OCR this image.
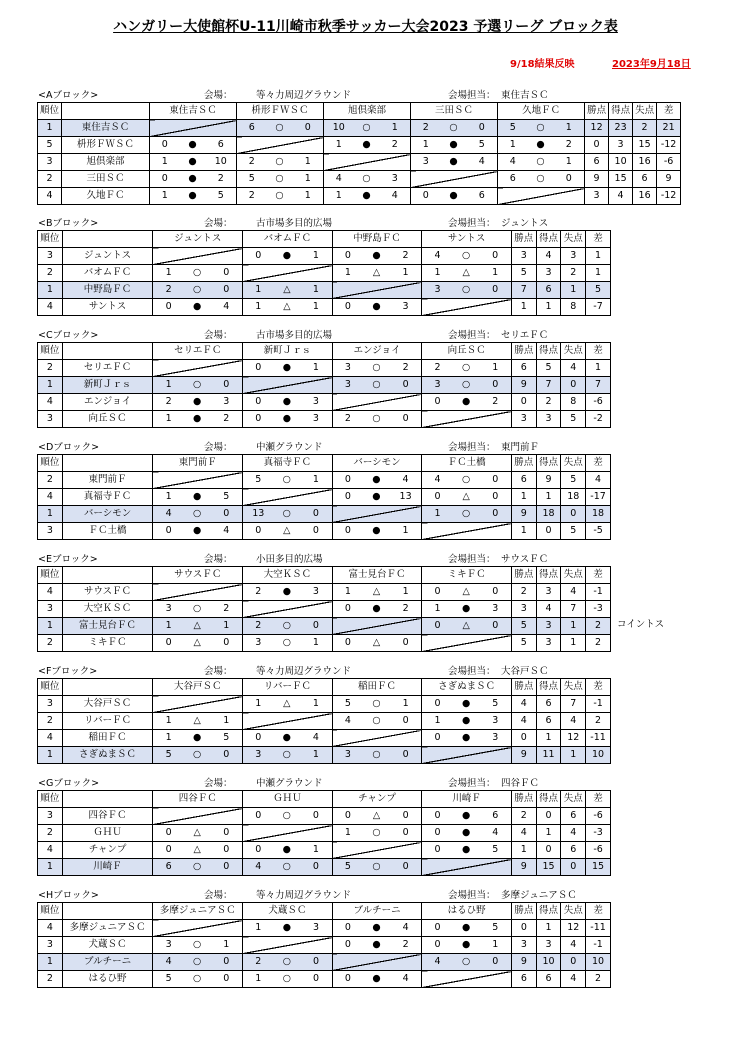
ハンガリー大使館杯U-11川崎市秋季サッカー大会2023 予選リーグ ブロック表
9/18結果反映	2023年9月18日
<Aブロック>	会場： 等々力周辺グラウンド	会場担当： 東住吉ＳＣ
順位		東住吉ＳＣ			枡形ＦＷＳＣ			旭倶楽部			三田ＳＣ			久地ＦＣ			勝点	得点	失点	差
1	東住吉ＳＣ				6	○	0	10	○	1	2	○	0	5	○	1	12	23	2	21
5	枡形ＦＷＳＣ	0	●	6				1	●	2	1	●	5	1	●	2	0	3	15	-12
3	旭倶楽部	1	●	10	2	○	1				3	●	4	4	○	1	6	10	16	-6
2	三田ＳＣ	0	●	2	5	○	1	4	○	3				6	○	0	9	15	6	9
4	久地ＦＣ	1	●	5	2	○	1	1	●	4	0	●	6				3	4	16	-12
<Bブロック>	会場： 古市場多目的広場	会場担当： ジュントス
順位		ジュントス			バオムＦＣ			中野島ＦＣ			サントス			勝点	得点	失点	差
3	ジュントス				0	●	1	0	●	2	4	○	0	3	4	3	1
2	バオムＦＣ	1	○	0				1	△	1	1	△	1	5	3	2	1
1	中野島ＦＣ	2	○	0	1	△	1				3	○	0	7	6	1	5
4	サントス	0	●	4	1	△	1	0	●	3				1	1	8	-7
<Cブロック>	会場： 古市場多目的広場	会場担当： セリエＦＣ
順位		セリエＦＣ			新町Ｊｒｓ			エンジョイ			向丘ＳＣ			勝点	得点	失点	差
2	セリエＦＣ				0	●	1	3	○	2	2	○	1	6	5	4	1
1	新町Ｊｒｓ	1	○	0				3	○	0	3	○	0	9	7	0	7
4	エンジョイ	2	●	3	0	●	3				0	●	2	0	2	8	-6
3	向丘ＳＣ	1	●	2	0	●	3	2	○	0				3	3	5	-2
<Dブロック>	会場： 中瀬グラウンド	会場担当： 東門前Ｆ
順位		東門前Ｆ			真福寺ＦＣ			バーシモン			ＦＣ土橋			勝点	得点	失点	差
2	東門前Ｆ				5	○	1	0	●	4	4	○	0	6	9	5	4
4	真福寺ＦＣ	1	●	5				0	●	13	0	△	0	1	1	18	-17
1	バーシモン	4	○	0	13	○	0				1	○	0	9	18	0	18
3	ＦＣ土橋	0	●	4	0	△	0	0	●	1				1	0	5	-5
<Eブロック>	会場： 小田多目的広場	会場担当： サウスＦＣ
コイントス
順位		サウスＦＣ			大空ＫＳＣ			富士見台ＦＣ			ミキＦＣ			勝点	得点	失点	差
4	サウスＦＣ				2	●	3	1	△	1	0	△	0	2	3	4	-1
3	大空ＫＳＣ	3	○	2				0	●	2	1	●	3	3	4	7	-3
1	富士見台ＦＣ	1	△	1	2	○	0				0	△	0	5	3	1	2
2	ミキＦＣ	0	△	0	3	○	1	0	△	0				5	3	1	2
<Fブロック>	会場： 等々力周辺グラウンド	会場担当： 大谷戸ＳＣ
順位		大谷戸ＳＣ			リバーＦＣ			稲田ＦＣ			さぎぬまＳＣ			勝点	得点	失点	差
3	大谷戸ＳＣ				1	△	1	5	○	1	0	●	5	4	6	7	-1
2	リバーＦＣ	1	△	1				4	○	0	1	●	3	4	6	4	2
4	稲田ＦＣ	1	●	5	0	●	4				0	●	3	0	1	12	-11
1	さぎぬまＳＣ	5	○	0	3	○	1	3	○	0				9	11	1	10
<Gブロック>	会場： 中瀬グラウンド	会場担当： 四谷ＦＣ
順位		四谷ＦＣ			ＧＨＵ			チャンプ			川崎Ｆ			勝点	得点	失点	差
3	四谷ＦＣ				0	○	0	0	△	0	0	●	6	2	0	6	-6
2	ＧＨＵ	0	△	0				1	○	0	0	●	4	4	1	4	-3
4	チャンプ	0	△	0	0	●	1				0	●	5	1	0	6	-6
1	川崎Ｆ	6	○	0	4	○	0	5	○	0				9	15	0	15
<Hブロック>	会場： 等々力周辺グラウンド	会場担当： 多摩ジュニアＳＣ
順位		多摩ジュニアＳＣ			犬蔵ＳＣ			ブルチーニ			はるひ野			勝点	得点	失点	差
4	多摩ジュニアＳＣ				1	●	3	0	●	4	0	●	5	0	1	12	-11
3	犬蔵ＳＣ	3	○	1				0	●	2	0	●	1	3	3	4	-1
1	ブルチーニ	4	○	0	2	○	0				4	○	0	9	10	0	10
2	はるひ野	5	○	0	1	○	0	0	●	4				6	6	4	2
